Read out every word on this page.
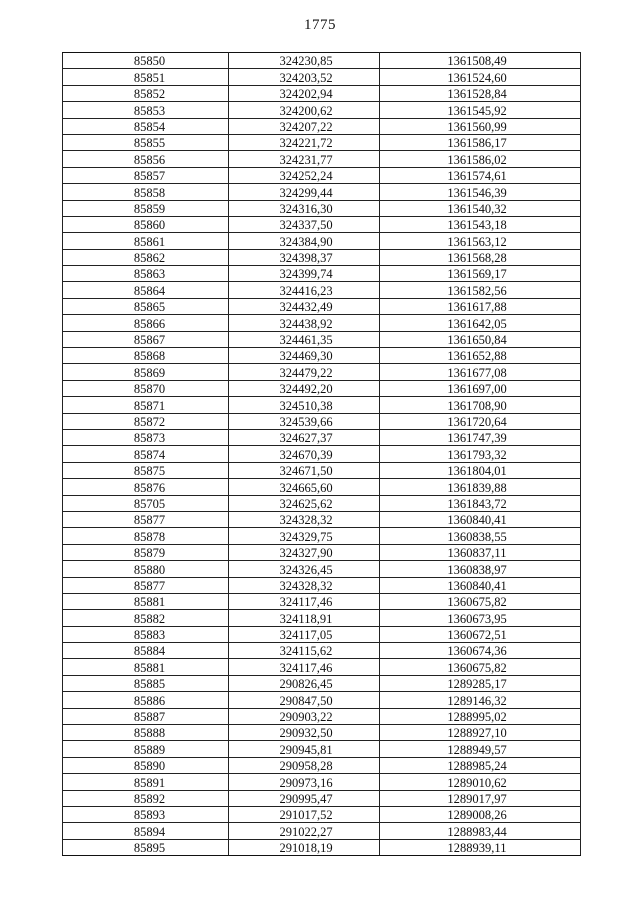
1775
85850	324230,85	1361508,49
85851	324203,52	1361524,60
85852	324202,94	1361528,84
85853	324200,62	1361545,92
85854	324207,22	1361560,99
85855	324221,72	1361586,17
85856	324231,77	1361586,02
85857	324252,24	1361574,61
85858	324299,44	1361546,39
85859	324316,30	1361540,32
85860	324337,50	1361543,18
85861	324384,90	1361563,12
85862	324398,37	1361568,28
85863	324399,74	1361569,17
85864	324416,23	1361582,56
85865	324432,49	1361617,88
85866	324438,92	1361642,05
85867	324461,35	1361650,84
85868	324469,30	1361652,88
85869	324479,22	1361677,08
85870	324492,20	1361697,00
85871	324510,38	1361708,90
85872	324539,66	1361720,64
85873	324627,37	1361747,39
85874	324670,39	1361793,32
85875	324671,50	1361804,01
85876	324665,60	1361839,88
85705	324625,62	1361843,72
85877	324328,32	1360840,41
85878	324329,75	1360838,55
85879	324327,90	1360837,11
85880	324326,45	1360838,97
85877	324328,32	1360840,41
85881	324117,46	1360675,82
85882	324118,91	1360673,95
85883	324117,05	1360672,51
85884	324115,62	1360674,36
85881	324117,46	1360675,82
85885	290826,45	1289285,17
85886	290847,50	1289146,32
85887	290903,22	1288995,02
85888	290932,50	1288927,10
85889	290945,81	1288949,57
85890	290958,28	1288985,24
85891	290973,16	1289010,62
85892	290995,47	1289017,97
85893	291017,52	1289008,26
85894	291022,27	1288983,44
85895	291018,19	1288939,11
